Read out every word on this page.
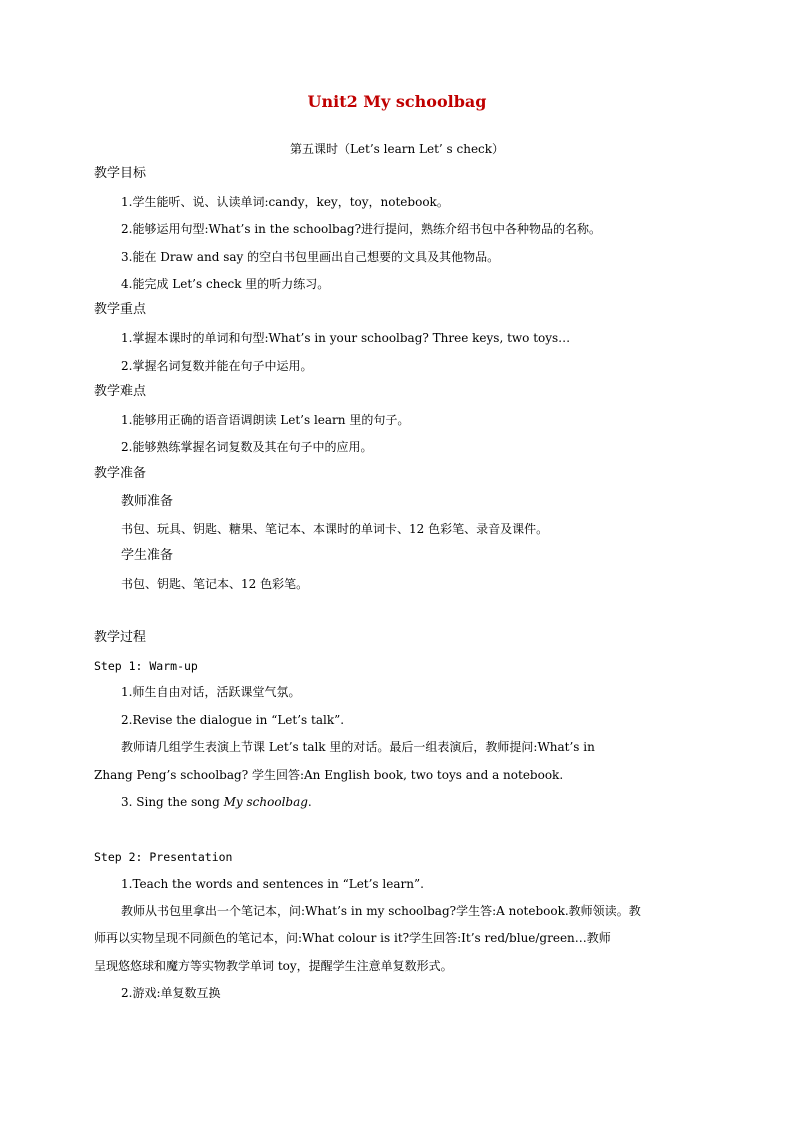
Unit2 My schoolbag
第五课时（Let’s learn Let’ s check）
教学目标
1.学生能听、说、认读单词:candy，key，toy，notebook。
2.能够运用句型:What’s in the schoolbag?进行提问，熟练介绍书包中各种物品的名称。
3.能在 Draw and say 的空白书包里画出自己想要的文具及其他物品。
4.能完成 Let’s check 里的听力练习。
教学重点
1.掌握本课时的单词和句型:What’s in your schoolbag? Three keys, two toys…
2.掌握名词复数并能在句子中运用。
教学难点
1.能够用正确的语音语调朗读 Let’s learn 里的句子。
2.能够熟练掌握名词复数及其在句子中的应用。
教学准备
教师准备
书包、玩具、钥匙、糖果、笔记本、本课时的单词卡、12 色彩笔、录音及课件。
学生准备
书包、钥匙、笔记本、12 色彩笔。
教学过程
Step 1: Warm-up
1.师生自由对话，活跃课堂气氛。
2.Revise the dialogue in “Let’s talk”.
教师请几组学生表演上节课 Let’s talk 里的对话。最后一组表演后，教师提问:What’s in
Zhang Peng’s schoolbag? 学生回答:An English book, two toys and a notebook.
3. Sing the song My schoolbag.
Step 2: Presentation
1.Teach the words and sentences in “Let’s learn”.
教师从书包里拿出一个笔记本，问:What’s in my schoolbag?学生答:A notebook.教师领读。教
师再以实物呈现不同颜色的笔记本，问:What colour is it?学生回答:It’s red/blue/green…教师
呈现悠悠球和魔方等实物教学单词 toy，提醒学生注意单复数形式。
2.游戏:单复数互换
